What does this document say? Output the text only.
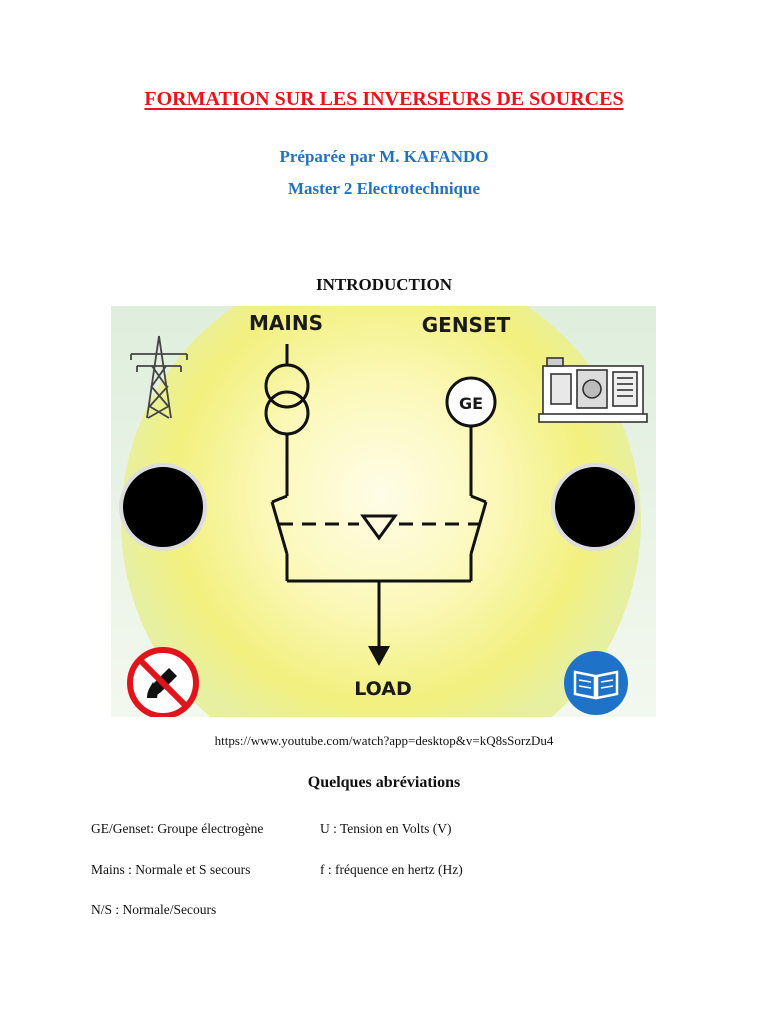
FORMATION SUR LES INVERSEURS DE SOURCES
Préparée par M. KAFANDO
Master 2 Electrotechnique
INTRODUCTION
MAINS	GENSET
GE
LOAD
https://www.youtube.com/watch?app=desktop&v=kQ8sSorzDu4
Quelques abréviations
GE/Genset: Groupe électrogène	U : Tension en Volts (V)
Mains : Normale et S secours	f : fréquence en hertz (Hz)
N/S : Normale/Secours
